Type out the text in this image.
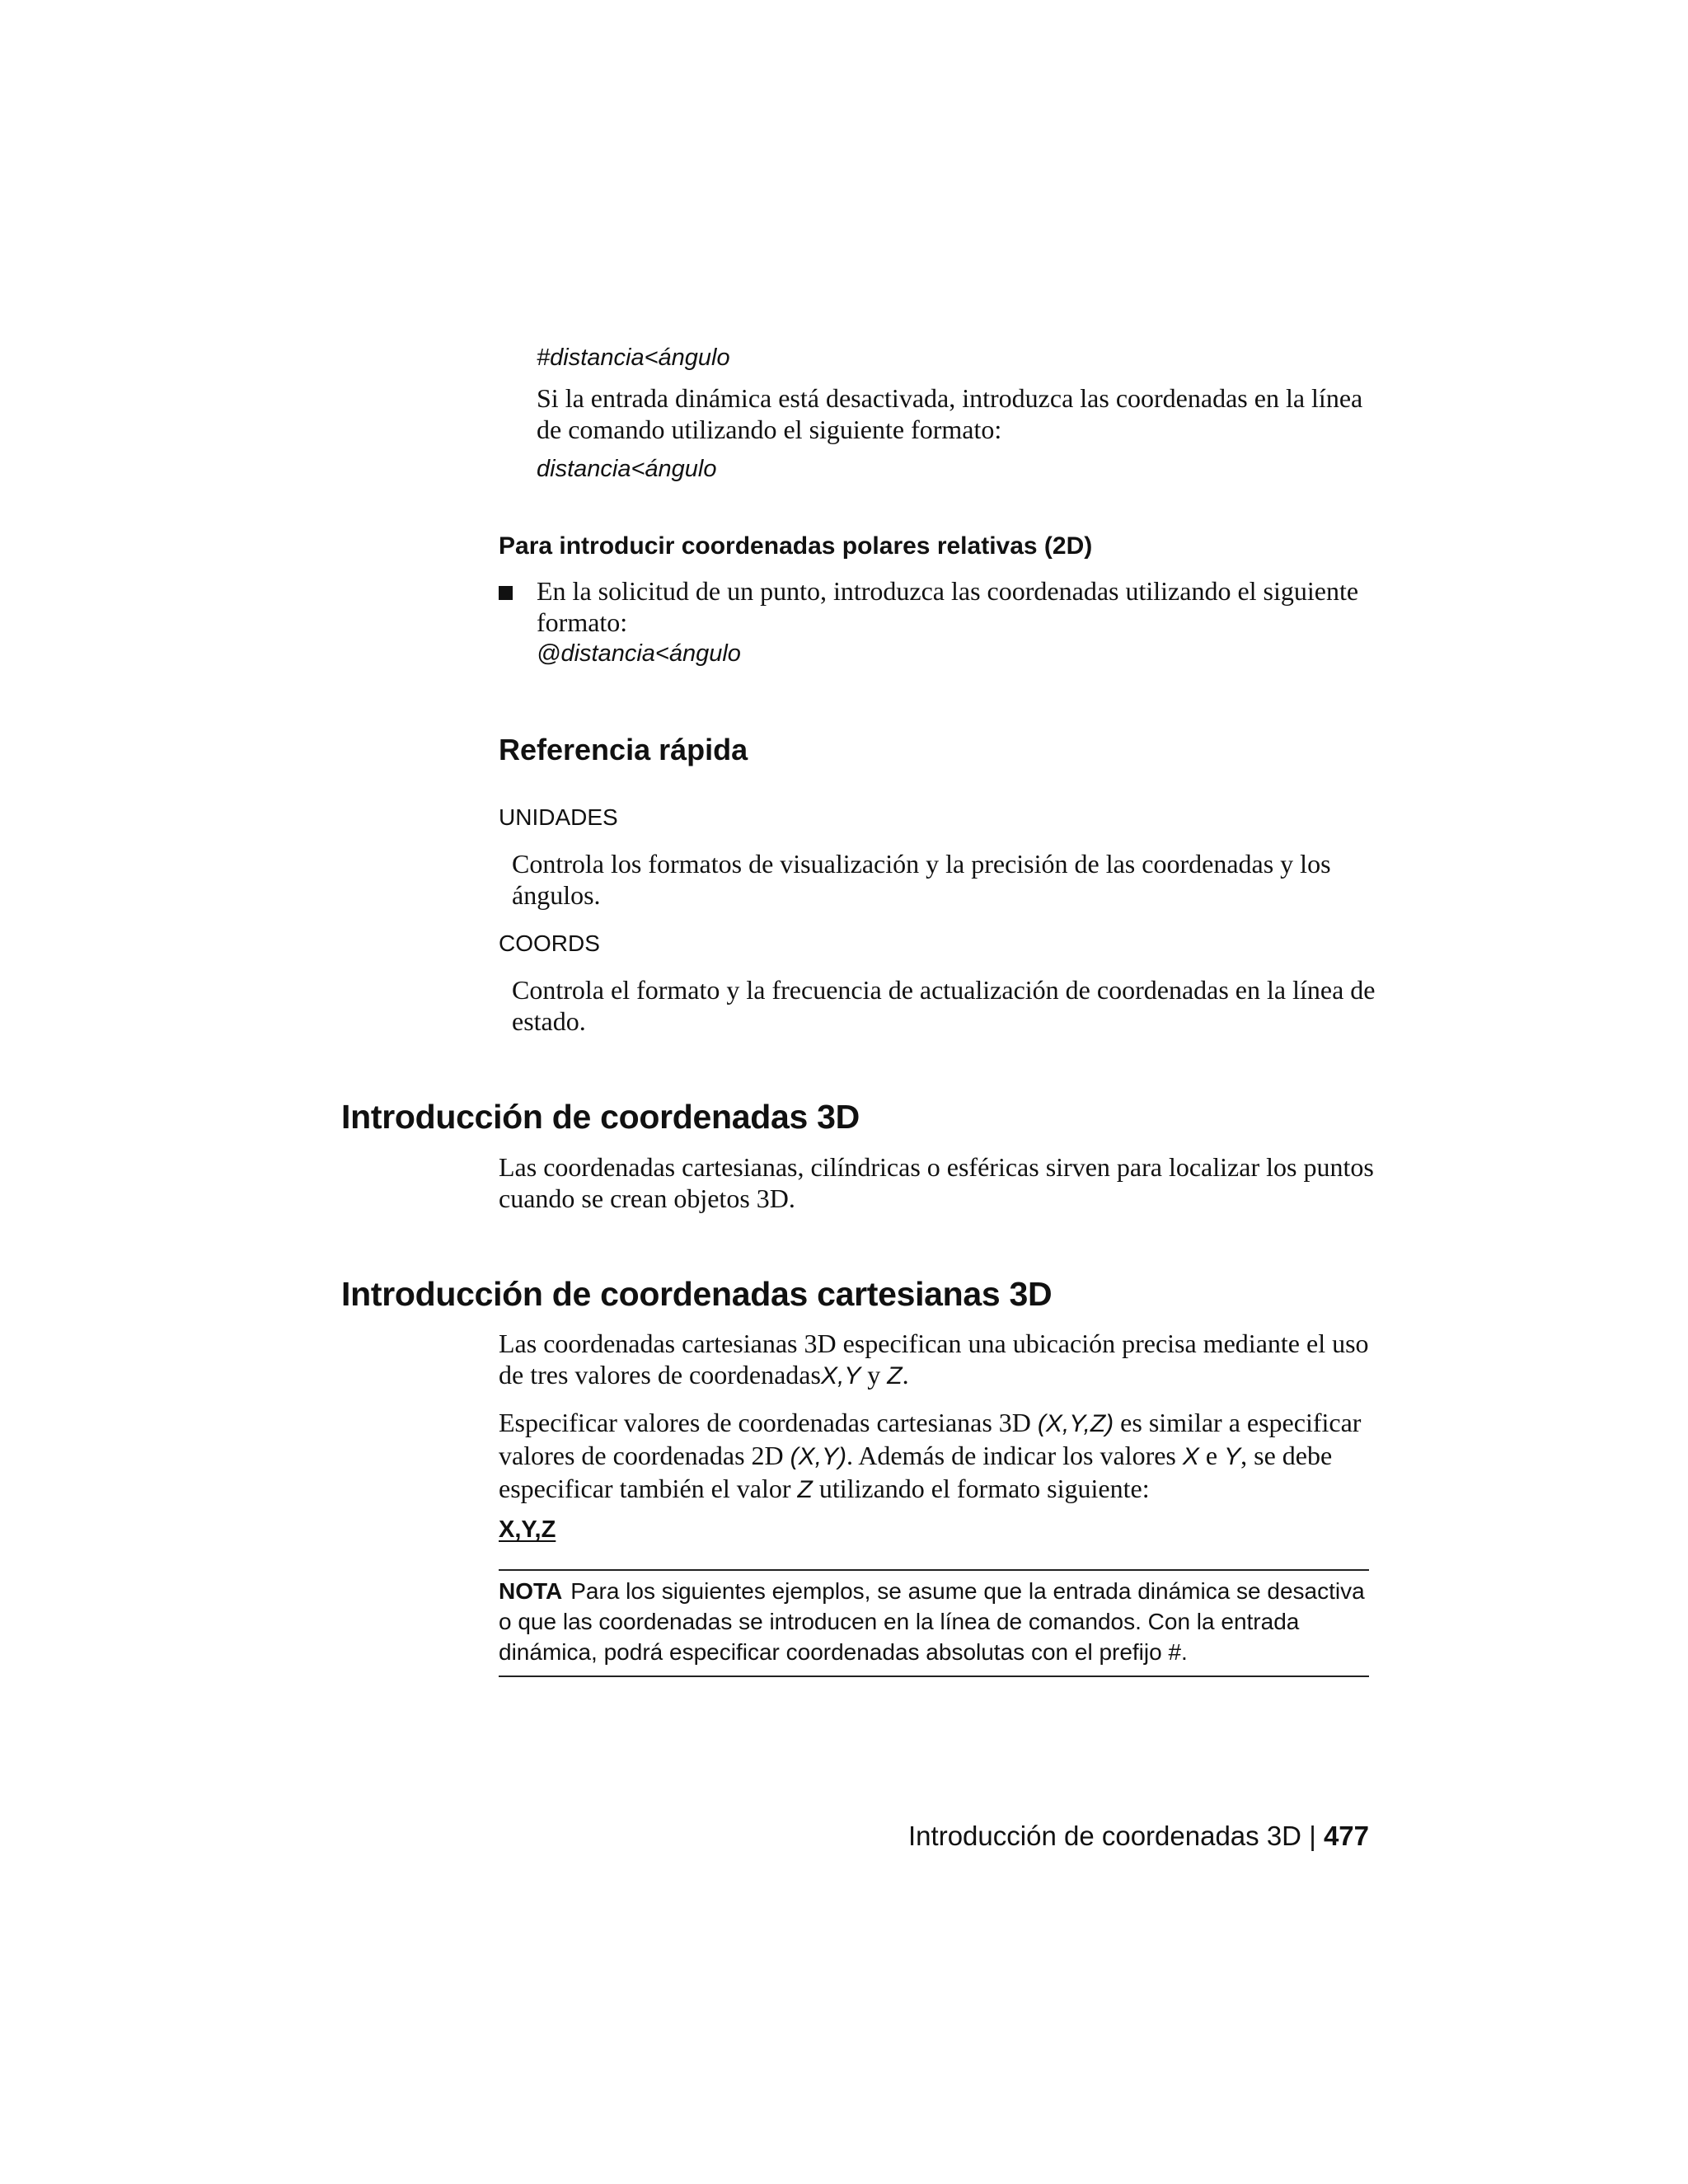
#distancia<ángulo
Si la entrada dinámica está desactivada, introduzca las coordenadas en la línea de comando utilizando el siguiente formato:
distancia<ángulo
Para introducir coordenadas polares relativas (2D)
En la solicitud de un punto, introduzca las coordenadas utilizando el siguiente formato:
@distancia<ángulo
Referencia rápida
UNIDADES
Controla los formatos de visualización y la precisión de las coordenadas y los ángulos.
COORDS
Controla el formato y la frecuencia de actualización de coordenadas en la línea de estado.
Introducción de coordenadas 3D
Las coordenadas cartesianas, cilíndricas o esféricas sirven para localizar los puntos cuando se crean objetos 3D.
Introducción de coordenadas cartesianas 3D
Las coordenadas cartesianas 3D especifican una ubicación precisa mediante el uso de tres valores de coordenadasX,Y y Z.
Especificar valores de coordenadas cartesianas 3D (X,Y,Z) es similar a especificar valores de coordenadas 2D (X,Y). Además de indicar los valores X e Y, se debe especificar también el valor Z utilizando el formato siguiente:
X,Y,Z
NOTA Para los siguientes ejemplos, se asume que la entrada dinámica se desactiva o que las coordenadas se introducen en la línea de comandos. Con la entrada dinámica, podrá especificar coordenadas absolutas con el prefijo #.
Introducción de coordenadas 3D | 477
